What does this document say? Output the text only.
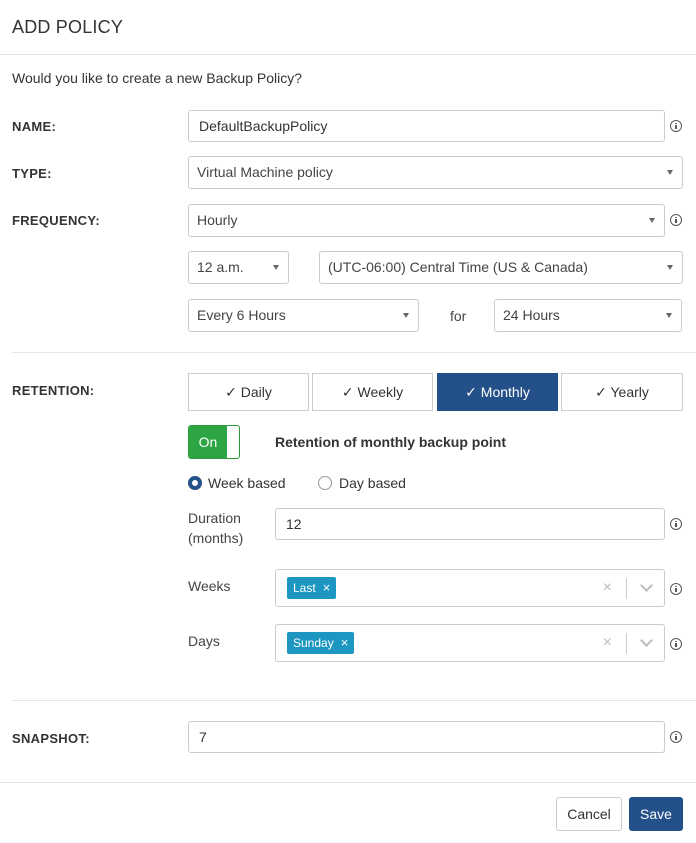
ADD POLICY
Would you like to create a new Backup Policy?
NAME:	DefaultBackupPolicy
TYPE:	Virtual Machine policy
FREQUENCY:	Hourly
12 a.m.	(UTC-06:00) Central Time (US & Canada)
Every 6 Hours	for	24 Hours
RETENTION:	✓ Daily	✓ Weekly	✓ Monthly	✓ Yearly
On	Retention of monthly backup point
Week based	Day based
Duration
(months)
12
Weeks	Last ×	×
Days	Sunday ×	×
SNAPSHOT:	7
Cancel	Save
